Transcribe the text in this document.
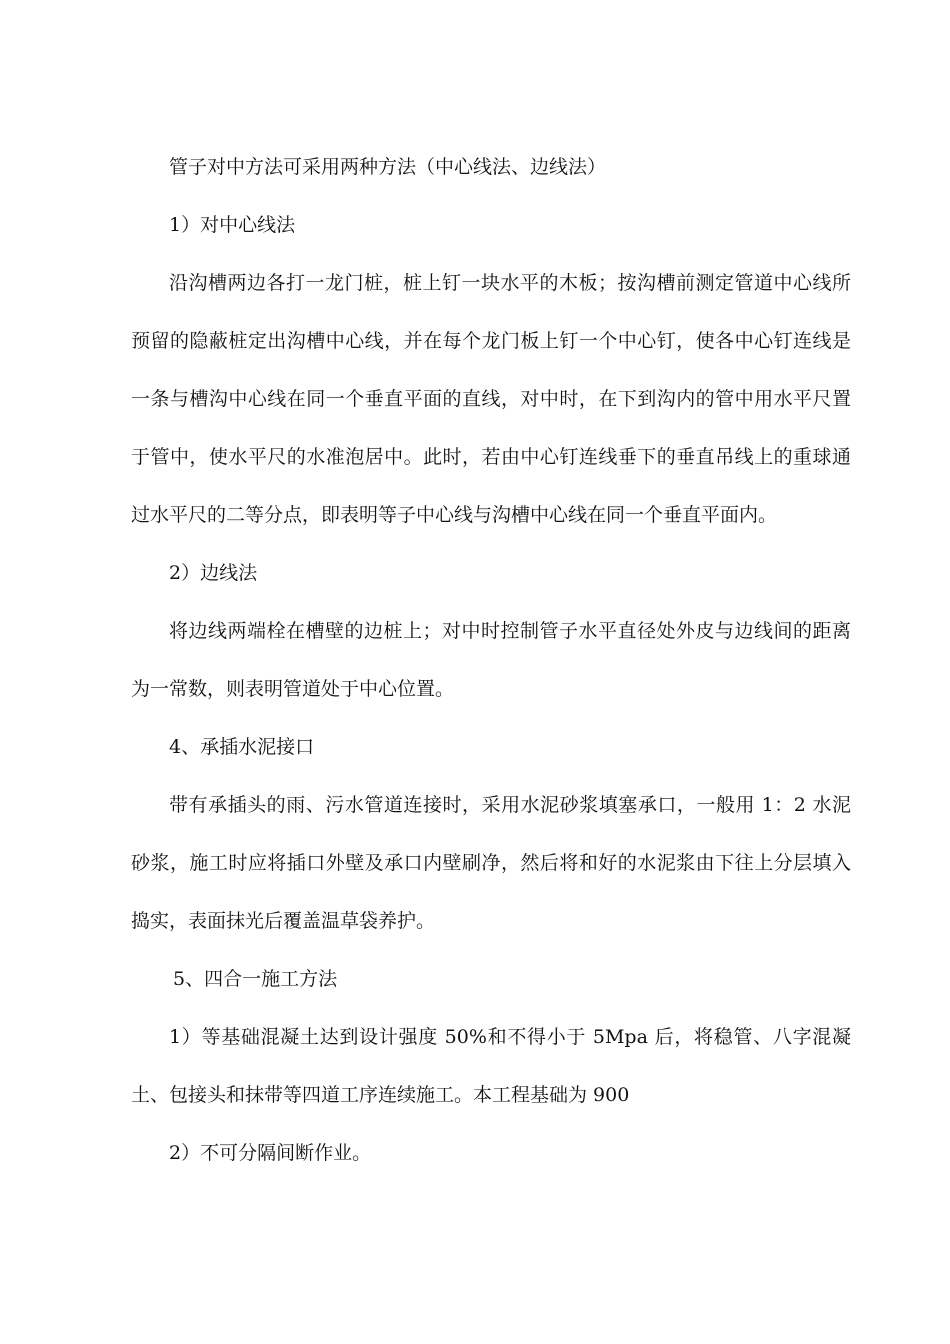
管子对中方法可采用两种方法（中心线法、边线法）

1）对中心线法

沿沟槽两边各打一龙门桩，桩上钉一块水平的木板；按沟槽前测定管道中心线所预留的隐蔽桩定出沟槽中心线，并在每个龙门板上钉一个中心钉，使各中心钉连线是一条与槽沟中心线在同一个垂直平面的直线，对中时，在下到沟内的管中用水平尺置于管中，使水平尺的水准泡居中。此时，若由中心钉连线垂下的垂直吊线上的重球通过水平尺的二等分点，即表明等子中心线与沟槽中心线在同一个垂直平面内。

2）边线法

将边线两端栓在槽壁的边桩上；对中时控制管子水平直径处外皮与边线间的距离为一常数，则表明管道处于中心位置。

4、承插水泥接口

带有承插头的雨、污水管道连接时，采用水泥砂浆填塞承口，一般用 1：2 水泥砂浆，施工时应将插口外壁及承口内壁刷净，然后将和好的水泥浆由下往上分层填入捣实，表面抹光后覆盖温草袋养护。

5、四合一施工方法

1）等基础混凝土达到设计强度 50%和不得小于 5Mpa 后，将稳管、八字混凝土、包接头和抹带等四道工序连续施工。本工程基础为 900

2）不可分隔间断作业。
